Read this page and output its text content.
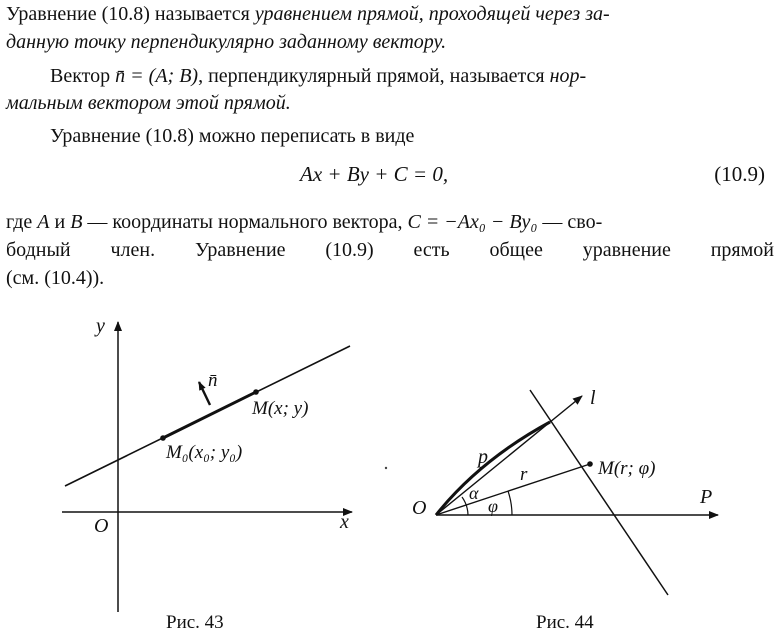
Уравнение (10.8) называется уравнением прямой, проходящей через за-
данную точку перпендикулярно заданному вектору.
Вектор n̄ = (A; B), перпендикулярный прямой, называется нор-
мальным вектором этой прямой.
Уравнение (10.8) можно переписать в виде
Ax + By + C = 0,	(10.9)
где A и B — координаты нормального вектора, C = −Ax₀ − By₀ — сво-
бодный член. Уравнение (10.9) есть общее уравнение прямой
(см. (10.4)).
y
x
O
n̄
M(x; y)
M₀(x₀; y₀)
P
l
p
r	M(r; φ)
α
φ
O
Рис. 43	Рис. 44
